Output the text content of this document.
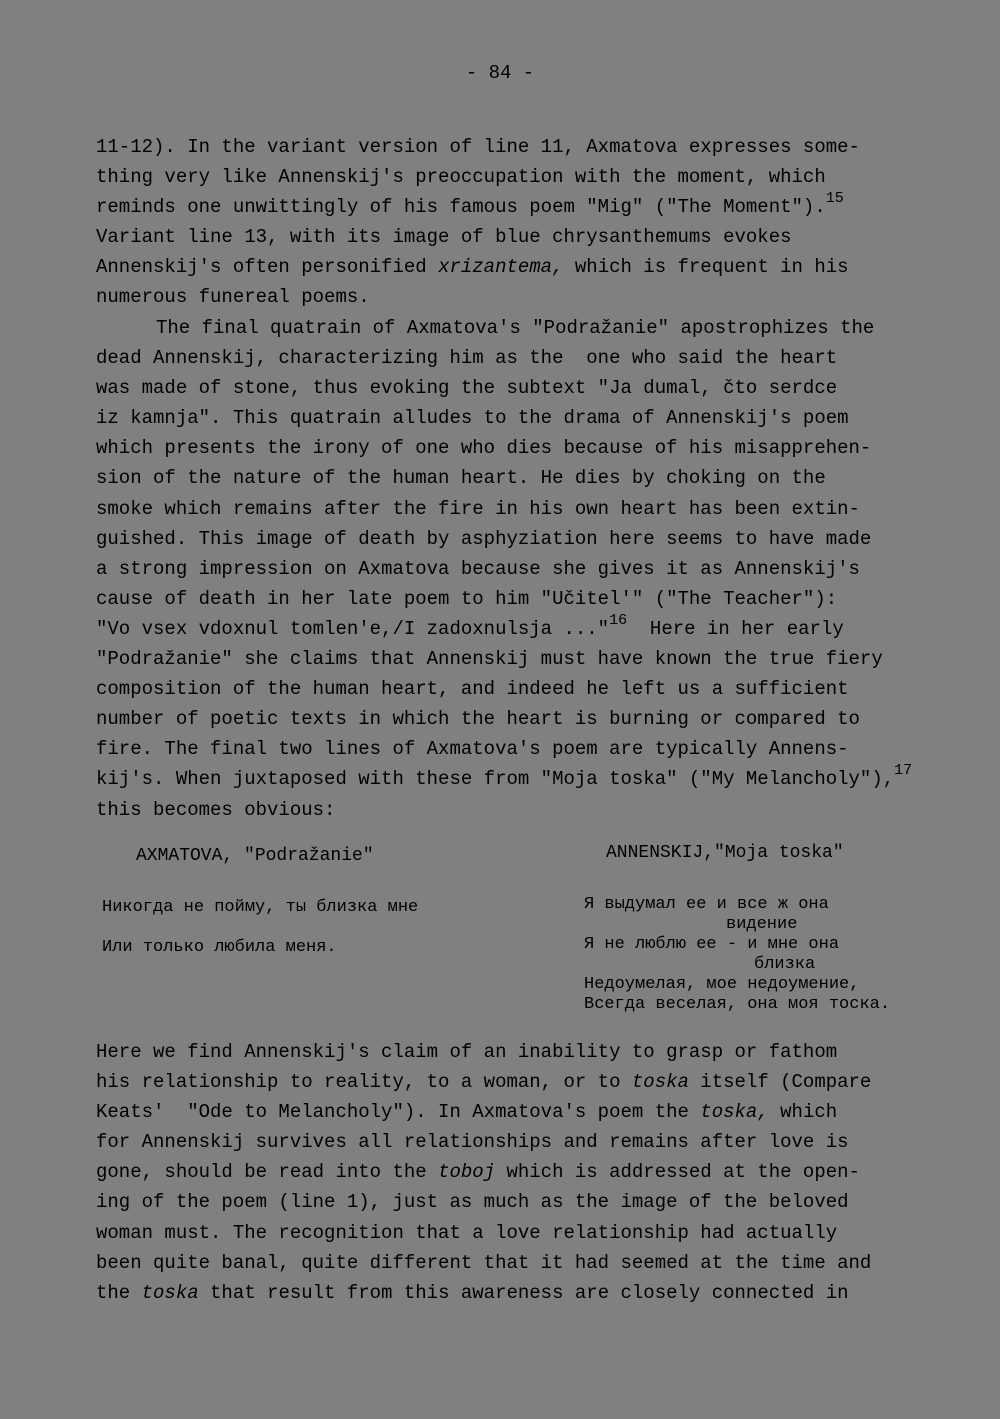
- 84 -
11-12). In the variant version of line 11, Axmatova expresses some-
thing very like Annenskij's preoccupation with the moment, which
reminds one unwittingly of his famous poem "Mig" ("The Moment").$^{15}$
Variant line 13, with its image of blue chrysanthemums evokes
Annenskij's often personified xrizantema, which is frequent in his
numerous funereal poems.
The final quatrain of Axmatova's "Podražanie" apostrophizes the
dead Annenskij, characterizing him as the  one who said the heart
was made of stone, thus evoking the subtext "Ja dumal, čto serdce
iz kamnja". This quatrain alludes to the drama of Annenskij's poem
which presents the irony of one who dies because of his misapprehen-
sion of the nature of the human heart. He dies by choking on the
smoke which remains after the fire in his own heart has been extin-
guished. This image of death by asphyziation here seems to have made
a strong impression on Axmatova because she gives it as Annenskij's
cause of death in her late poem to him "Učitel'" ("The Teacher"):
"Vo vsex vdoxnul tomlen'e,/I zadoxnulsja ..."$^{16}$  Here in her early
"Podražanie" she claims that Annenskij must have known the true fiery
composition of the human heart, and indeed he left us a sufficient
number of poetic texts in which the heart is burning or compared to
fire. The final two lines of Axmatova's poem are typically Annens-
kij's. When juxtaposed with these from "Moja toska" ("My Melancholy"),$^{17}$
this becomes obvious:
AXMATOVA, "Podražanie"	ANNENSKIJ,"Moja toska"
Никогда не пойму, ты близка мне
Или только любила меня.
Я выдумал ее и все ж она
видение
Я не люблю ее - и мне она
близка
Недоумелая, мое недоумение,
Всегда веселая, она моя тоска.
Here we find Annenskij's claim of an inability to grasp or fathom
his relationship to reality, to a woman, or to toska itself (Compare
Keats'  "Ode to Melancholy"). In Axmatova's poem the toska, which
for Annenskij survives all relationships and remains after love is
gone, should be read into the toboj which is addressed at the open-
ing of the poem (line 1), just as much as the image of the beloved
woman must. The recognition that a love relationship had actually
been quite banal, quite different that it had seemed at the time and
the toska that result from this awareness are closely connected in
